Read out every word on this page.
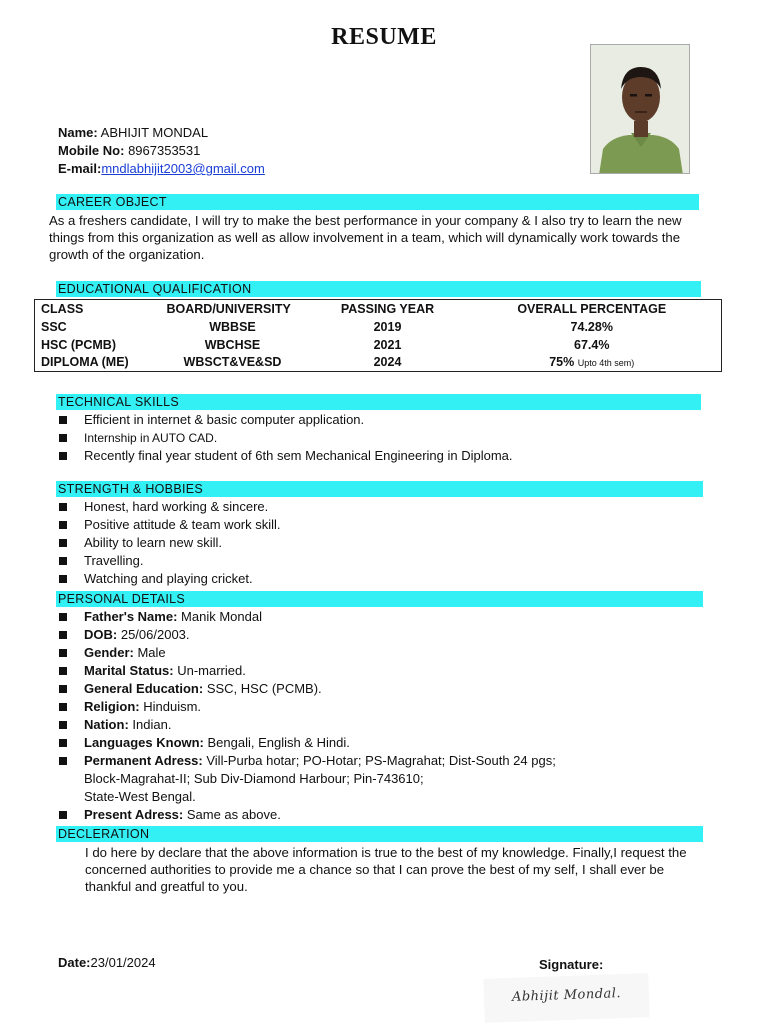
RESUME
Name: ABHIJIT MONDAL
Mobile No: 8967353531
E-mail:mndlabhijit2003@gmail.com
CAREER OBJECT
As a freshers candidate, I will try to make the best performance in your company & I also try to learn the new things from this organization as well as allow involvement in a team, which will dynamically work towards the growth of the organization.
EDUCATIONAL QUALIFICATION
CLASS	BOARD/UNIVERSITY	PASSING YEAR	OVERALL PERCENTAGE
SSC	WBBSE	2019	74.28%
HSC (PCMB)	WBCHSE	2021	67.4%
DIPLOMA (ME)	WBSCT&VE&SD	2024	75% Upto 4th sem)
TECHNICAL SKILLS
Efficient in internet & basic computer application.
Internship in AUTO CAD.
Recently final year student of 6th sem Mechanical Engineering in Diploma.
STRENGTH & HOBBIES
Honest, hard working & sincere.
Positive attitude & team work skill.
Ability to learn new skill.
Travelling.
Watching and playing cricket.
PERSONAL DETAILS
Father's Name: Manik Mondal
DOB: 25/06/2003.
Gender: Male
Marital Status: Un-married.
General Education: SSC, HSC (PCMB).
Religion: Hinduism.
Nation: Indian.
Languages Known: Bengali, English & Hindi.
Permanent Adress: Vill-Purba hotar; PO-Hotar; PS-Magrahat; Dist-South 24 pgs;
Block-Magrahat-II; Sub Div-Diamond Harbour; Pin-743610;
State-West Bengal.
Present Adress: Same as above.
DECLERATION
I do here by declare that the above information is true to the best of my knowledge. Finally,I request the concerned authorities to provide me a chance so that I can prove the best of my self, I shall ever be thankful and greatful to you.
Date:23/01/2024	Signature:
Abhijit Mondal.
